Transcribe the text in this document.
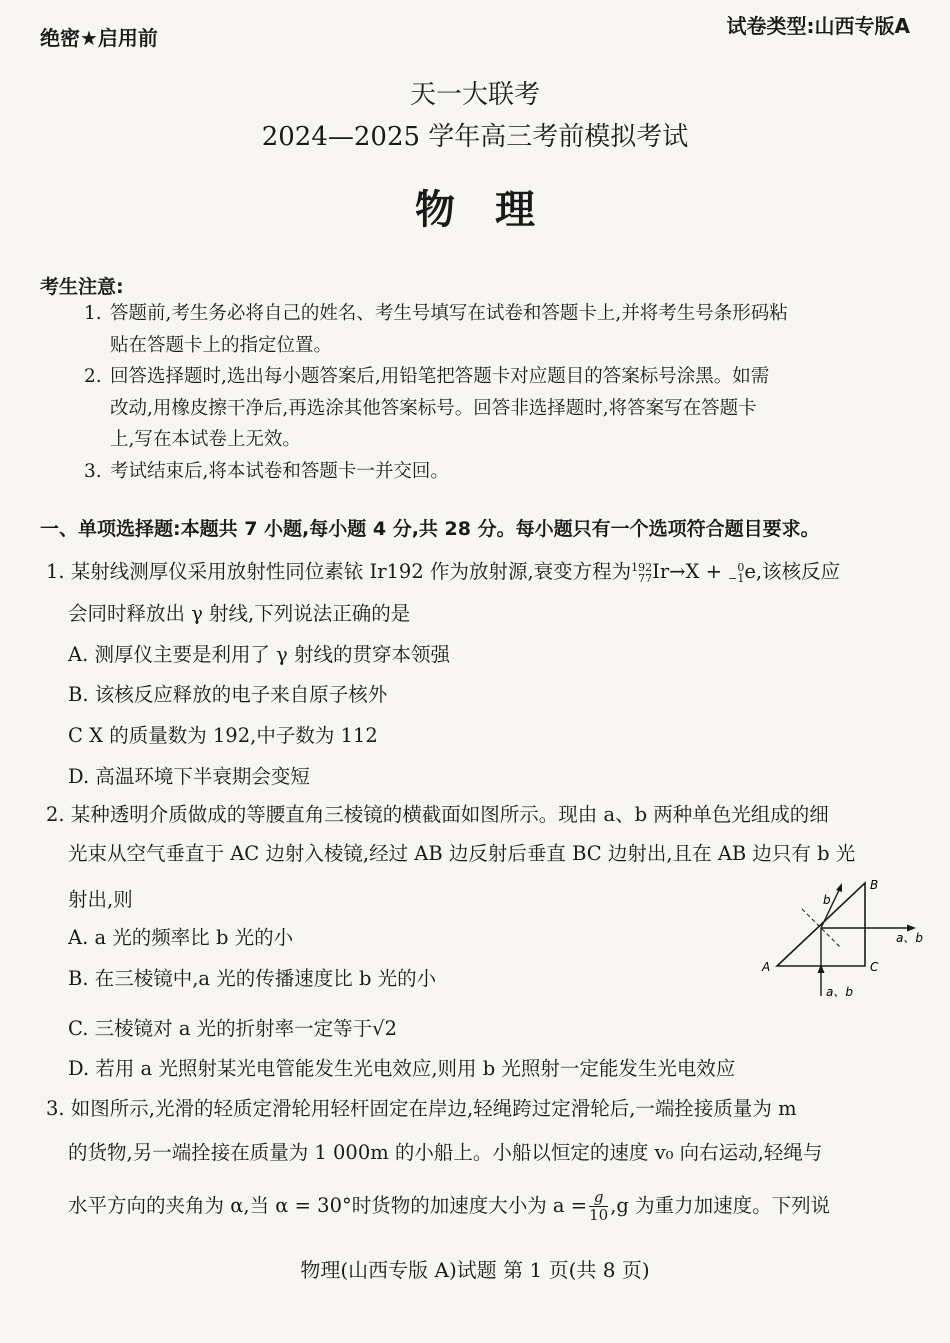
绝密★启用前	试卷类型:山西专版A
天一大联考
2024—2025 学年高三考前模拟考试
物理
考生注意:
1. 答题前,考生务必将自己的姓名、考生号填写在试卷和答题卡上,并将考生号条形码粘
贴在答题卡上的指定位置。
2. 回答选择题时,选出每小题答案后,用铅笔把答题卡对应题目的答案标号涂黑。如需
改动,用橡皮擦干净后,再选涂其他答案标号。回答非选择题时,将答案写在答题卡
上,写在本试卷上无效。
3. 考试结束后,将本试卷和答题卡一并交回。
一、单项选择题:本题共 7 小题,每小题 4 分,共 28 分。每小题只有一个选项符合题目要求。
1. 某射线测厚仪采用放射性同位素铱 Ir192 作为放射源,衰变方程为 192
77 Ir→X + 0
−1 e,该核反应
会同时释放出 γ 射线,下列说法正确的是
A. 测厚仪主要是利用了 γ 射线的贯穿本领强
B. 该核反应释放的电子来自原子核外
C X 的质量数为 192,中子数为 112
D. 高温环境下半衰期会变短
2. 某种透明介质做成的等腰直角三棱镜的横截面如图所示。现由 a、b 两种单色光组成的细
光束从空气垂直于 AC 边射入棱镜,经过 AB 边反射后垂直 BC 边射出,且在 AB 边只有 b 光
射出,则
A. a 光的频率比 b 光的小
B. 在三棱镜中,a 光的传播速度比 b 光的小
C. 三棱镜对 a 光的折射率一定等于√2
D. 若用 a 光照射某光电管能发生光电效应,则用 b 光照射一定能发生光电效应
A
B
C
b
a、b
a、b
3. 如图所示,光滑的轻质定滑轮用轻杆固定在岸边,轻绳跨过定滑轮后,一端拴接质量为 m
的货物,另一端拴接在质量为 1 000m 的小船上。小船以恒定的速度 v₀ 向右运动,轻绳与
水平方向的夹角为 α,当 α = 30°时货物的加速度大小为 $a = \frac{g}{10} ,g$ 为重力加速度。下列说
物理(山西专版 A)试题 第 1 页(共 8 页)
